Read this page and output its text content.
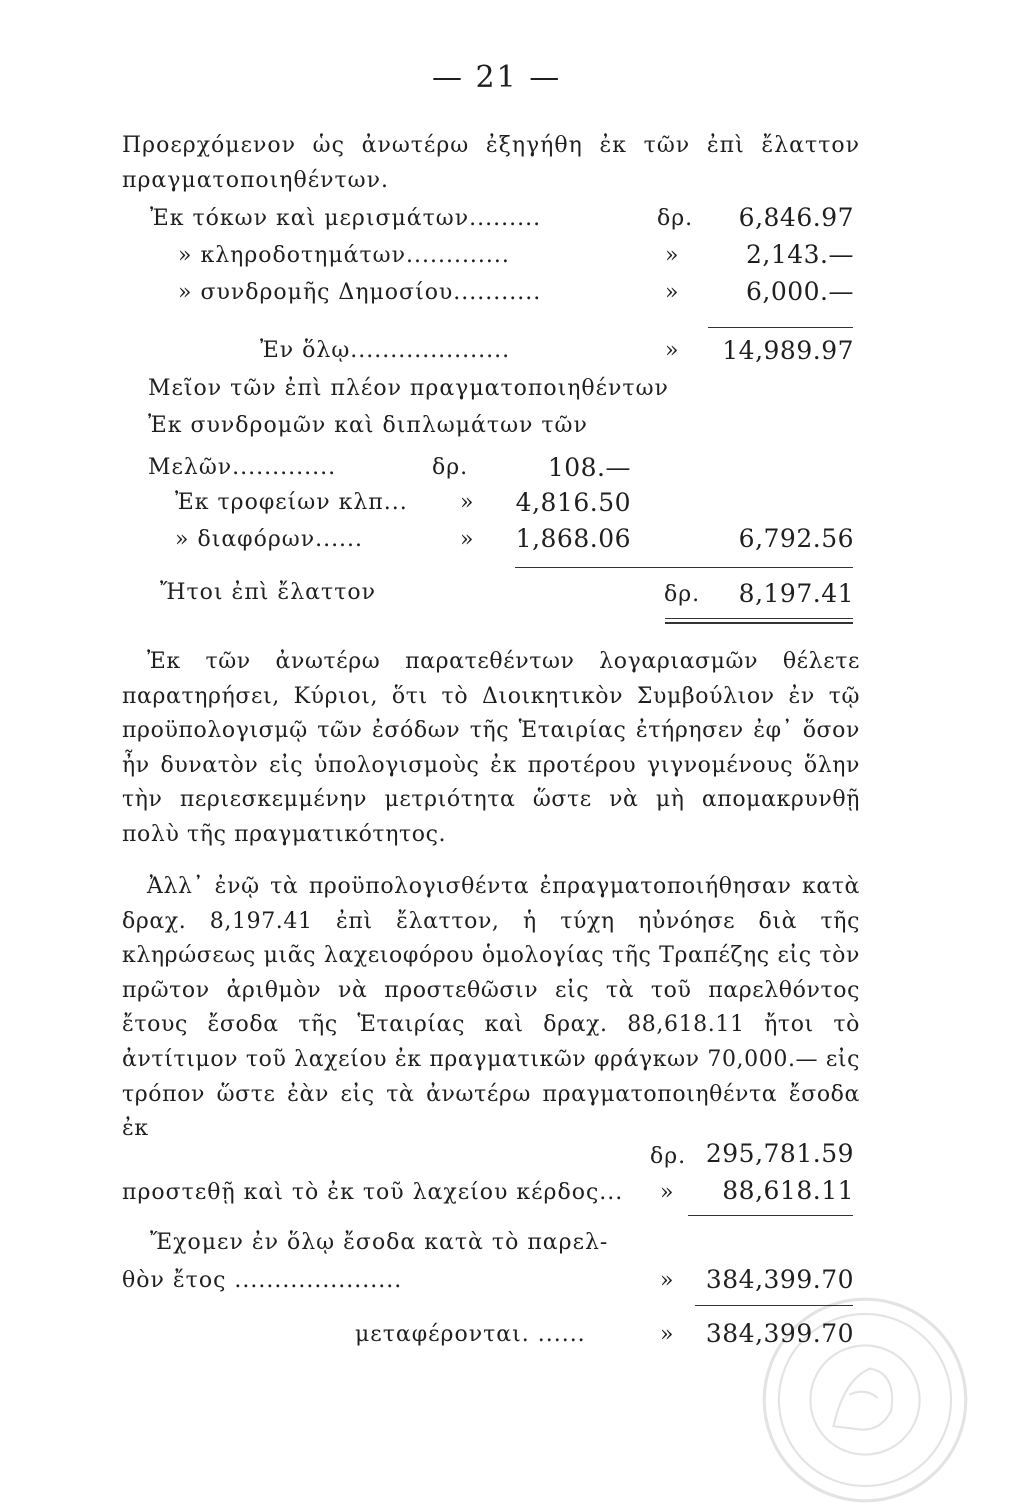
— 21 —
Προερχόμενον ὡς ἀνωτέρω ἐξηγήθη ἐκ τῶν ἐπὶ ἔλαττον
πραγματοποιηθέντων.
Ἐκ τόκων καὶ μερισμάτων.........	δρ. 6,846.97
» κληροδοτημάτων.............	»	2,143.—
» συνδρομῆς Δημοσίου...........	»	6,000.—
Ἐν ὅλῳ....................	» 14,989.97
Μεῖον τῶν ἐπὶ πλέον πραγματοποιηθέντων
Ἐκ συνδρομῶν καὶ διπλωμάτων τῶν
Μελῶν.............	δρ.	108.—
Ἐκ τροφείων κλπ... » 4,816.50
» διαφόρων......	» 1,868.06	6,792.56
Ἤτοι ἐπὶ ἔλαττον	δρ. 8,197.41

Ἐκ τῶν ἀνωτέρω παρατεθέντων λογαριασμῶν θέλετε παρατηρήσει, Κύριοι, ὅτι τὸ Διοικητικὸν Συμβούλιον ἐν τῷ προϋπολογισμῷ τῶν ἐσόδων τῆς Ἑταιρίας ἐτήρησεν ἐφ᾿ ὅσον ἦν δυνατὸν εἰς ὑπολογισμοὺς ἐκ προτέρου γιγνομένους ὅλην τὴν περιεσκεμμένην μετριότητα ὥστε νὰ μὴ απομακρυνθῇ πολὺ τῆς πραγματικότητος.

Ἀλλ᾿ ἐνῷ τὰ προϋπολογισθέντα ἐπραγματοποιήθησαν κατὰ δραχ. 8,197.41 ἐπὶ ἔλαττον, ἡ τύχη ηὐνόησε διὰ τῆς κληρώσεως μιᾶς λαχειοφόρου ὁμολογίας τῆς Τραπέζης εἰς τὸν πρῶτον ἀριθμὸν νὰ προστεθῶσιν εἰς τὰ τοῦ παρελθόντος ἔτους ἔσοδα τῆς Ἑταιρίας καὶ δραχ. 88,618.11 ἤτοι τὸ ἀντίτιμον τοῦ λαχείου ἐκ πραγματικῶν φράγκων 70,000.— εἰς τρόπον ὥστε ἐὰν εἰς τὰ ἀνωτέρω πραγματοποιηθέντα ἔσοδα ἐκ

δρ. 295,781.59
προστεθῇ καὶ τὸ ἐκ τοῦ λαχείου κέρδος... » 88,618.11
Ἔχομεν ἐν ὅλῳ ἔσοδα κατὰ τὸ παρελ-
θὸν ἔτος .....................	» 384,399.70
μεταφέρονται. ......	» 384,399.70
